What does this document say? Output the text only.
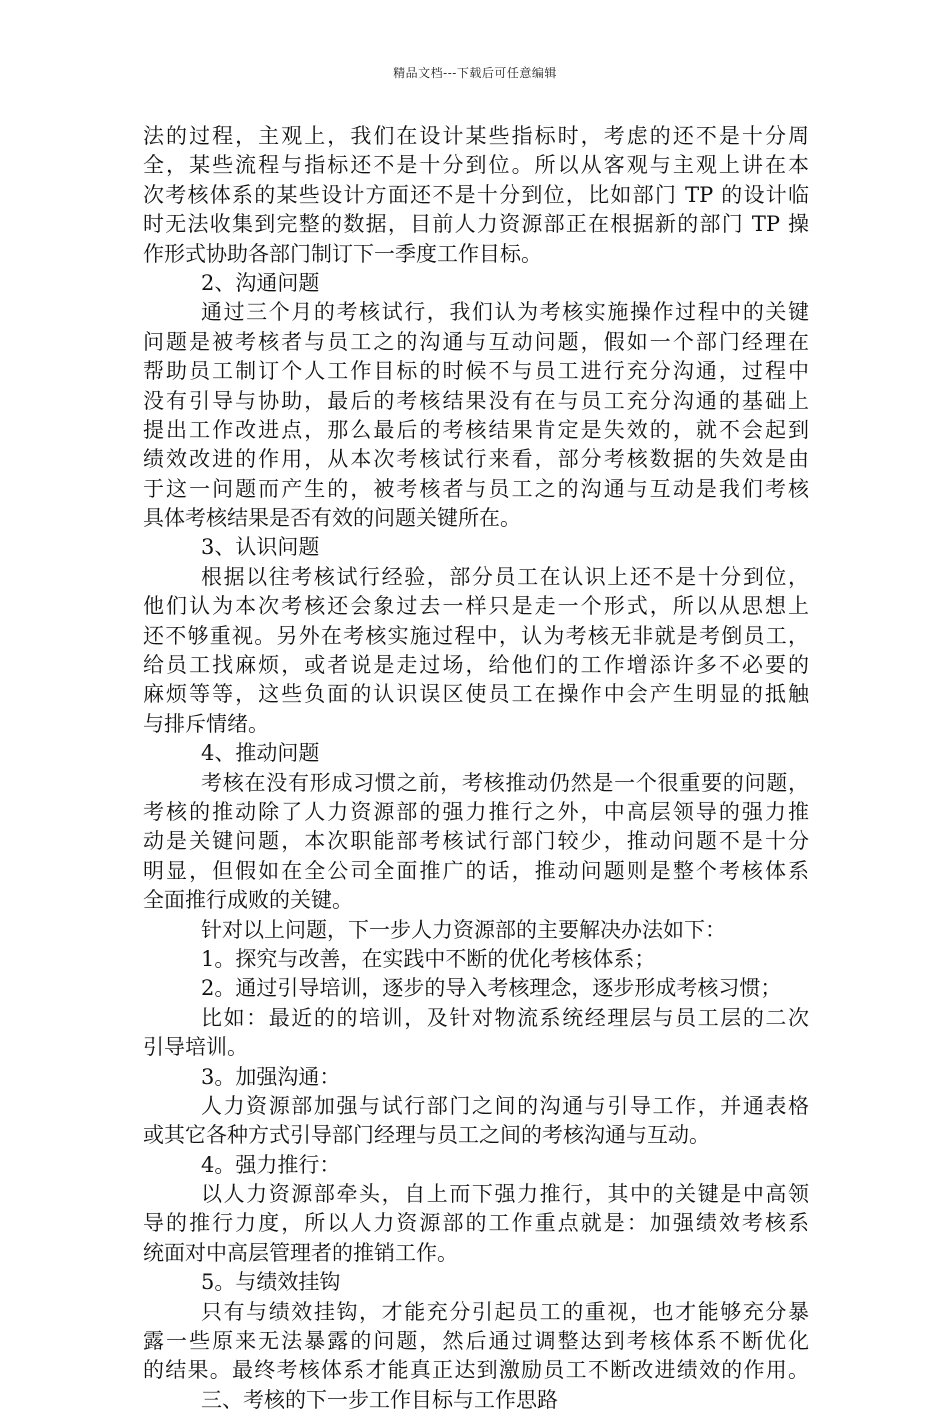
精品文档---下载后可任意编辑
法的过程，主观上，我们在设计某些指标时，考虑的还不是十分周
全，某些流程与指标还不是十分到位。所以从客观与主观上讲在本
次考核体系的某些设计方面还不是十分到位，比如部门 TP 的设计临
时无法收集到完整的数据，目前人力资源部正在根据新的部门 TP 操
作形式协助各部门制订下一季度工作目标。
2、沟通问题
通过三个月的考核试行，我们认为考核实施操作过程中的关键
问题是被考核者与员工之的沟通与互动问题，假如一个部门经理在
帮助员工制订个人工作目标的时候不与员工进行充分沟通，过程中
没有引导与协助，最后的考核结果没有在与员工充分沟通的基础上
提出工作改进点，那么最后的考核结果肯定是失效的，就不会起到
绩效改进的作用，从本次考核试行来看，部分考核数据的失效是由
于这一问题而产生的，被考核者与员工之的沟通与互动是我们考核
具体考核结果是否有效的问题关键所在。
3、认识问题
根据以往考核试行经验，部分员工在认识上还不是十分到位，
他们认为本次考核还会象过去一样只是走一个形式，所以从思想上
还不够重视。另外在考核实施过程中，认为考核无非就是考倒员工，
给员工找麻烦，或者说是走过场，给他们的工作增添许多不必要的
麻烦等等，这些负面的认识误区使员工在操作中会产生明显的抵触
与排斥情绪。
4、推动问题
考核在没有形成习惯之前，考核推动仍然是一个很重要的问题，
考核的推动除了人力资源部的强力推行之外，中高层领导的强力推
动是关键问题，本次职能部考核试行部门较少，推动问题不是十分
明显，但假如在全公司全面推广的话，推动问题则是整个考核体系
全面推行成败的关键。
针对以上问题，下一步人力资源部的主要解决办法如下：
1。探究与改善，在实践中不断的优化考核体系；
2。通过引导培训，逐步的导入考核理念，逐步形成考核习惯；
比如：最近的的培训，及针对物流系统经理层与员工层的二次
引导培训。
3。加强沟通：
人力资源部加强与试行部门之间的沟通与引导工作，并通表格
或其它各种方式引导部门经理与员工之间的考核沟通与互动。
4。强力推行：
以人力资源部牵头，自上而下强力推行，其中的关键是中高领
导的推行力度，所以人力资源部的工作重点就是：加强绩效考核系
统面对中高层管理者的推销工作。
5。与绩效挂钩
只有与绩效挂钩，才能充分引起员工的重视，也才能够充分暴
露一些原来无法暴露的问题，然后通过调整达到考核体系不断优化
的结果。最终考核体系才能真正达到激励员工不断改进绩效的作用。
三、考核的下一步工作目标与工作思路
